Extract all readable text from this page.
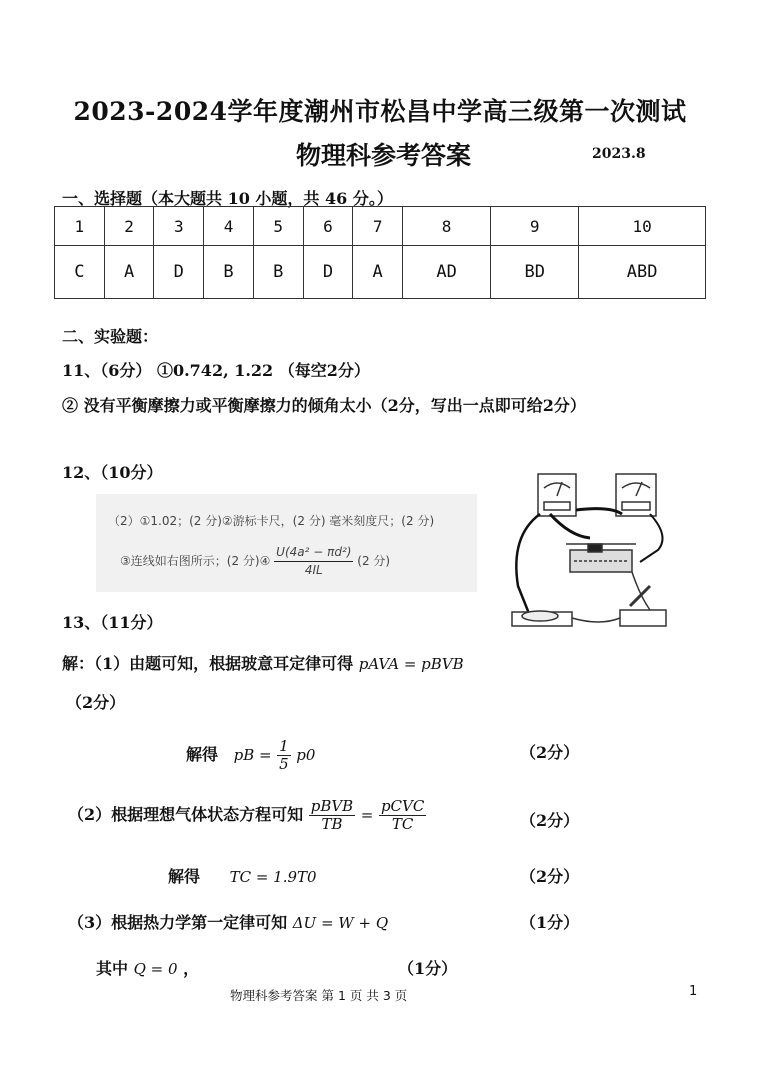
2023-2024学年度潮州市松昌中学高三级第一次测试
物理科参考答案	2023.8
一、选择题（本大题共 10 小题，共 46 分。）
1	2	3	4	5	6	7	8	9	10
C	A	D	B	B	D	A	AD	BD	ABD
二、实验题：
11、（6分） ①0.742, 1.22 （每空2分）
② 没有平衡摩擦力或平衡摩擦力的倾角太小（2分，写出一点即可给2分）
12、（10分）
（2）①1.02；(2 分)②游标卡尺，(2 分) 毫米刻度尺；(2 分)
③连线如右图所示；(2 分)④ $\frac{\text{U(4a² − πd²)}}{4IL} (2$ 分)
13、（11分）
解：（1）由题可知，根据玻意耳定律可得 pAVA = pBVB
（2分）
解得 pB = $\frac{1}{5} p0$	（2分）
（2）根据理想气体状态方程可知 $\frac{\text{pBVB}}{TB} = \frac{\text{pCVC}}{TC}$	（2分）
解得 TC = 1.9T0	（2分）
（3）根据热力学第一定律可知 ΔU = W + Q	（1分）
其中 Q = 0 ，	（1分）
物理科参考答案 第 1 页 共 3 页	1
